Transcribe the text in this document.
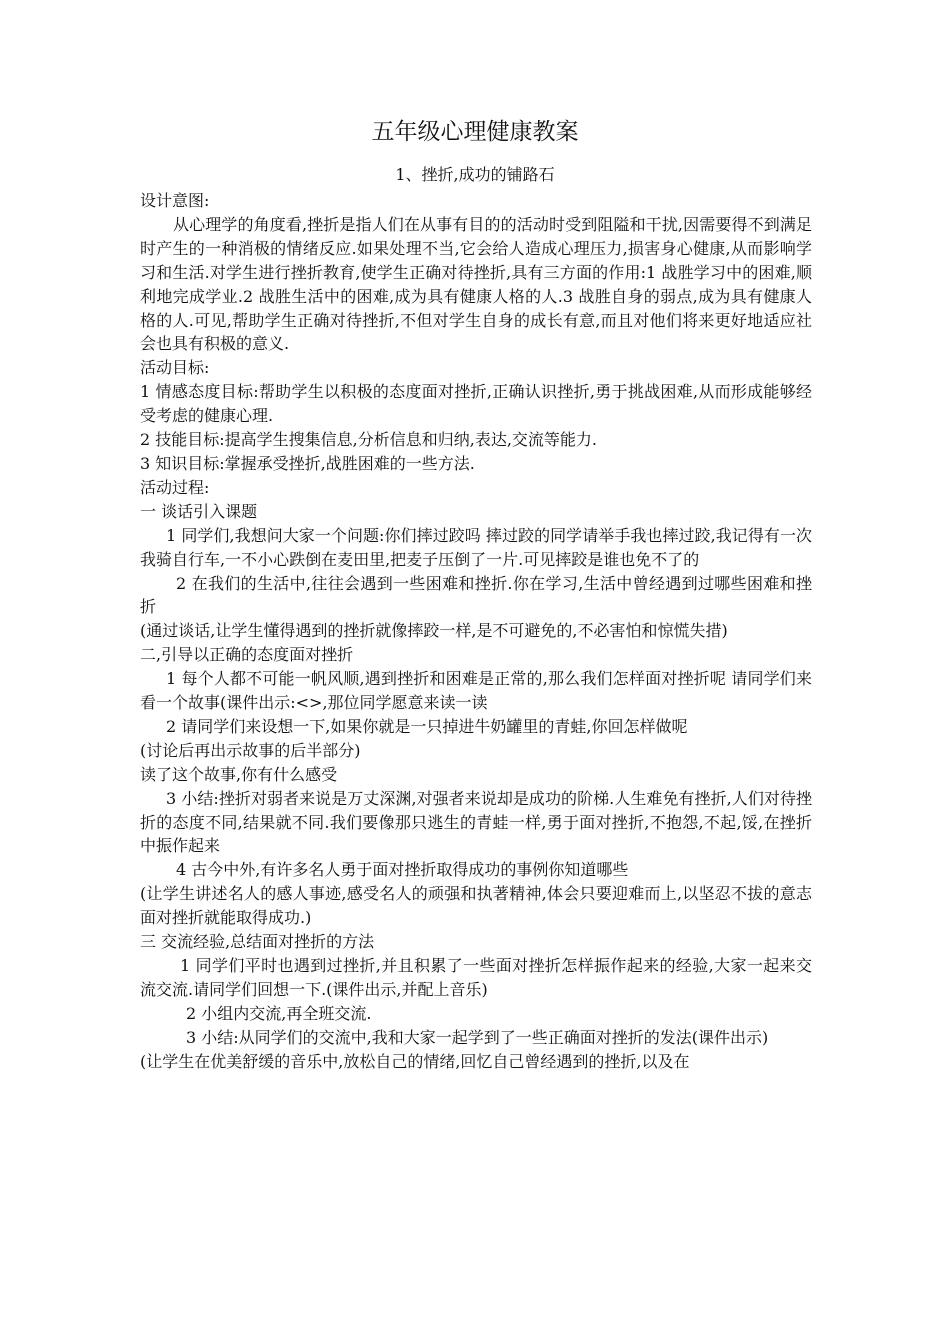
五年级心理健康教案
1、挫折,成功的铺路石

设计意图:

从心理学的角度看,挫折是指人们在从事有目的的活动时受到阻隘和干扰,因需要得不到满足时产生的一种消极的情绪反应.如果处理不当,它会给人造成心理压力,损害身心健康,从而影响学习和生活.对学生进行挫折教育,使学生正确对待挫折,具有三方面的作用:1 战胜学习中的困难,顺利地完成学业.2 战胜生活中的困难,成为具有健康人格的人.3 战胜自身的弱点,成为具有健康人格的人.可见,帮助学生正确对待挫折,不但对学生自身的成长有意,而且对他们将来更好地适应社会也具有积极的意义.

活动目标:

1 情感态度目标:帮助学生以积极的态度面对挫折,正确认识挫折,勇于挑战困难,从而形成能够经受考虑的健康心理.

2 技能目标:提高学生搜集信息,分析信息和归纳,表达,交流等能力.

3 知识目标:掌握承受挫折,战胜困难的一些方法.

活动过程:

一 谈话引入课题

1 同学们,我想问大家一个问题:你们摔过跤吗 摔过跤的同学请举手我也摔过跤,我记得有一次我骑自行车,一不小心跌倒在麦田里,把麦子压倒了一片.可见摔跤是谁也免不了的

2 在我们的生活中,往往会遇到一些困难和挫折.你在学习,生活中曾经遇到过哪些困难和挫折

(通过谈话,让学生懂得遇到的挫折就像摔跤一样,是不可避免的,不必害怕和惊慌失措)

二,引导以正确的态度面对挫折

1 每个人都不可能一帆风顺,遇到挫折和困难是正常的,那么我们怎样面对挫折呢 请同学们来看一个故事(课件出示:<>,那位同学愿意来读一读

2 请同学们来设想一下,如果你就是一只掉进牛奶罐里的青蛙,你回怎样做呢

(讨论后再出示故事的后半部分)

读了这个故事,你有什么感受

3 小结:挫折对弱者来说是万丈深渊,对强者来说却是成功的阶梯.人生难免有挫折,人们对待挫折的态度不同,结果就不同.我们要像那只逃生的青蛙一样,勇于面对挫折,不抱怨,不起,馁,在挫折中振作起来

4 古今中外,有许多名人勇于面对挫折取得成功的事例你知道哪些

(让学生讲述名人的感人事迹,感受名人的顽强和执著精神,体会只要迎难而上,以坚忍不拔的意志面对挫折就能取得成功.)

三 交流经验,总结面对挫折的方法

1 同学们平时也遇到过挫折,并且积累了一些面对挫折怎样振作起来的经验,大家一起来交流交流.请同学们回想一下.(课件出示,并配上音乐)

2 小组内交流,再全班交流.

3 小结:从同学们的交流中,我和大家一起学到了一些正确面对挫折的发法(课件出示)

(让学生在优美舒缓的音乐中,放松自己的情绪,回忆自己曾经遇到的挫折,以及在
